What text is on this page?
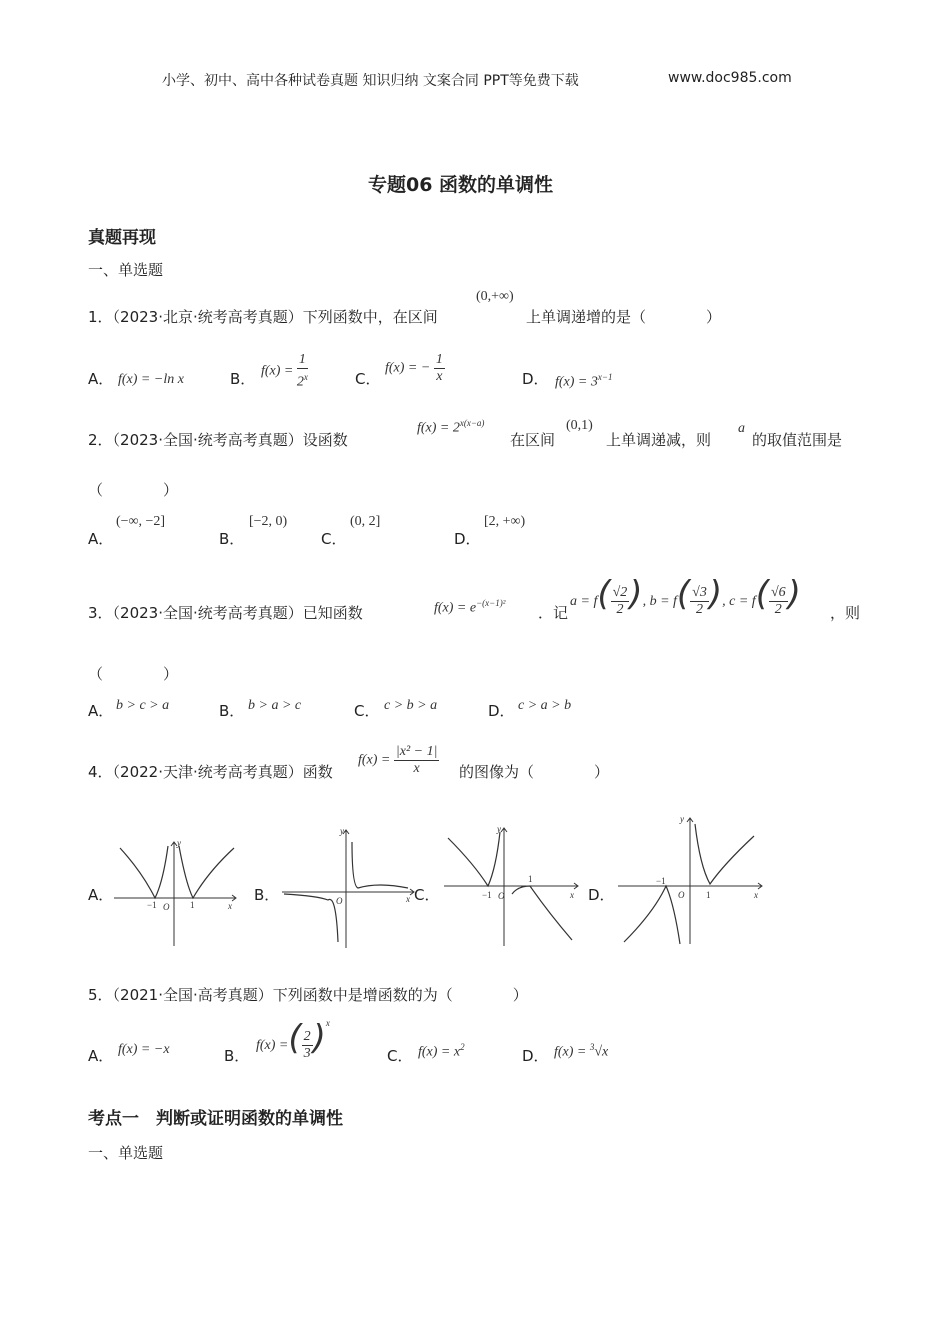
小学、初中、高中各种试卷真题 知识归纳 文案合同 PPT等免费下载	www.doc985.com
专题06 函数的单调性
真题再现
一、单选题
1．（2023·北京·统考高考真题）下列函数中，在区间
(0,+∞)
上单调递增的是（　　　　）
A． f(x) = −ln x	B． $f(x) = \frac{1}{2^x}$	C．
f(x) = − $\frac{1}{x}$	D． $f(x) = 3^{x-1}$
2．（2023·全国·统考高考真题）设函数
$f(x) = 2^{x(x-a)}$
在区间
(0,1)
上单调递减，则
a
的取值范围是
（　　　　）
A．
(−∞, −2]
B．
[−2, 0)
C．
(0, 2]
D．
[2, +∞)
3．（2023·全国·统考高考真题）已知函数	$f(x) = e^{-(x-1)^2}$
．记
$a = f( \frac{√2}{2}$ ), $b = f( \frac{√3}{2}$ ), $c = f( \frac{√6}{2}$ ) ，则
（　　　　）
A． b > c > a	B． b > a > c	C． c > b > a	D． c > a > b
4．（2022·天津·统考高考真题）函数
$f(x) = \frac{\text{|x² − 1|}}{x}$ 的图像为（　　　　）
A．
y
x
O
−1	1
B．
y
x
O	C．
y
x
O
−1
1
D．
y
x
O
−1
1
5．（2021·全国·高考真题）下列函数中是增函数的为（　　　　）
A． f(x) = −x	B．
f(x) =( $\frac{2}{3} )^x$
C． $f(x) = x^2$	D． f(x) = $^3$√x
考点一　判断或证明函数的单调性
一、单选题
